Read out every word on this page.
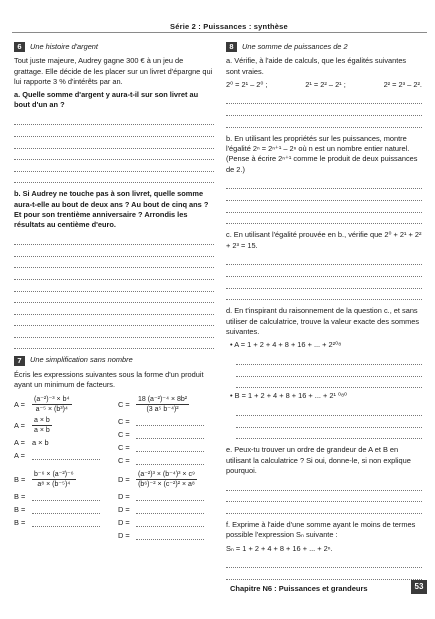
Série 2 : Puissances : synthèse
6	Une histoire d'argent

Tout juste majeure, Audrey gagne 300 € à un jeu de grattage. Elle décide de les placer sur un livret d'épargne qui lui rapporte 3 % d'intérêts par an.

a. Quelle somme d'argent y aura-t-il sur son livret au bout d'un an ?

b. Si Audrey ne touche pas à son livret, quelle somme aura-t-elle au bout de deux ans ? Au bout de cinq ans ? Et pour son trentième anniversaire ? Arrondis les résultats au centième d'euro.

7	Une simplification sans nombre

Écris les expressions suivantes sous la forme d'un produit ayant un minimum de facteurs.

A =	$\frac{\text{(a⁻²)⁻³ × b⁴}}{\text{a⁻⁵ × (b³)⁴}}$
A =	$\frac{a \times b}{a \times b}$
A = a × b
A =
$C = \frac{\text{18 (a⁻²)⁻⁴ × 8b²}}{\text{(3 a⁵ b⁻⁴)²}}$
C =
C =
C =
C =
$B = \frac{\text{b⁻⁶ × (a⁻²)⁻⁶}}{\text{a⁸ × (b⁻⁵)⁴}}$
B =
B =
B =
$D = \frac{\text{(a⁻²)³ × (b⁻⁴)³ × c⁹}}{\text{(b⁶)⁻² × (c⁻²)² × a⁸}}$
D =
D =
D =
D =
8	Une somme de puissances de 2

a. Vérifie, à l'aide de calculs, que les égalités suivantes sont vraies.

2⁰ = 2¹ – 2⁰ ;	2¹ = 2² – 2¹ ;	2² = 2³ – 2².

b. En utilisant les propriétés sur les puissances, montre l'égalité 2ⁿ = 2ⁿ⁺¹ – 2ⁿ où n est un nombre entier naturel. (Pense à écrire 2ⁿ⁺¹ comme le produit de deux puissances de 2.)

c. En utilisant l'égalité prouvée en b., vérifie que 2⁰ + 2¹ + 2² + 2³ = 15.

d. En t'inspirant du raisonnement de la question c., et sans utiliser de calculatrice, trouve la valeur exacte des sommes suivantes.

• A = 1 + 2 + 4 + 8 + 16 + ... + 2²⁰⁸

• B = 1 + 2 + 4 + 8 + 16 + ... + 2¹ ⁰⁸⁰

e. Peux-tu trouver un ordre de grandeur de A et B en utilisant la calculatrice ? Si oui, donne-le, si non explique pourquoi.

f. Exprime à l'aide d'une somme ayant le moins de termes possible l'expression Sₙ suivante :

Sₙ = 1 + 2 + 4 + 8 + 16 + ... + 2ⁿ.

Chapitre N6 : Puissances et grandeurs	53
